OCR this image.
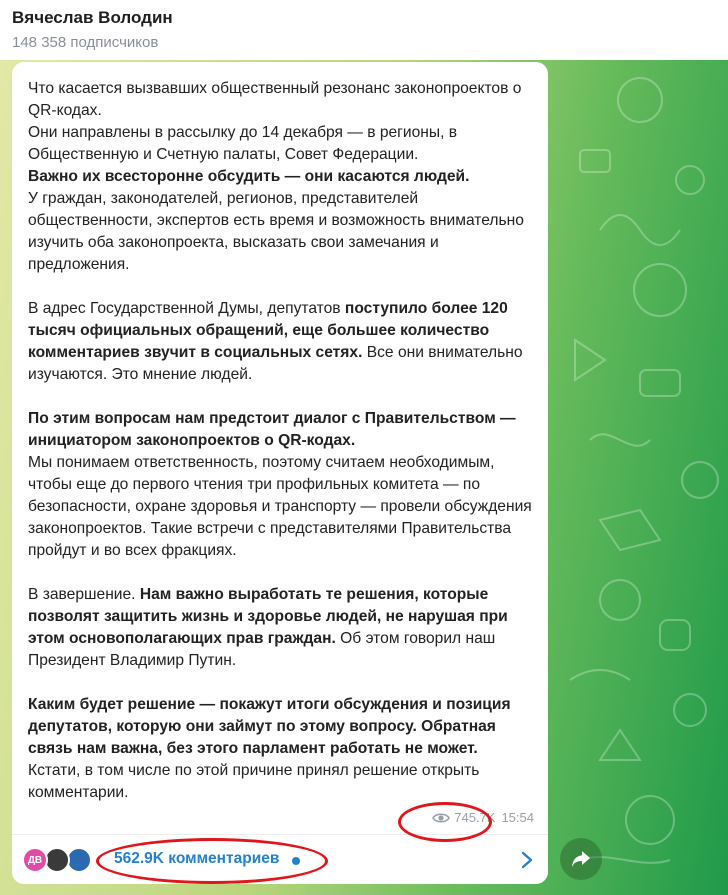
Вячеслав Володин
148 358 подписчиков

Что касается вызвавших общественный резонанс законопроектов о QR-кодах.
Они направлены в рассылку до 14 декабря — в регионы, в Общественную и Счетную палаты, Совет Федерации.
Важно их всесторонне обсудить — они касаются людей.
У граждан, законодателей, регионов, представителей общественности, экспертов есть время и возможность внимательно изучить оба законопроекта, высказать свои замечания и предложения.

В адрес Государственной Думы, депутатов поступило более 120 тысяч официальных обращений, еще большее количество комментариев звучит в социальных сетях. Все они внимательно изучаются. Это мнение людей.

По этим вопросам нам предстоит диалог с Правительством — инициатором законопроектов о QR-кодах.
Мы понимаем ответственность, поэтому считаем необходимым, чтобы еще до первого чтения три профильных комитета — по безопасности, охране здоровья и транспорту — провели обсуждения законопроектов. Такие встречи с представителями Правительства пройдут и во всех фракциях.

В завершение. Нам важно выработать те решения, которые позволят защитить жизнь и здоровье людей, не нарушая при этом основополагающих прав граждан. Об этом говорил наш Президент Владимир Путин.

Каким будет решение — покажут итоги обсуждения и позиция депутатов, которую они займут по этому вопросу. Обратная связь нам важна, без этого парламент работать не может.
Кстати, в том числе по этой причине принял решение открыть комментарии.

745.7K 15:54
ДВ	562.9K комментариев
